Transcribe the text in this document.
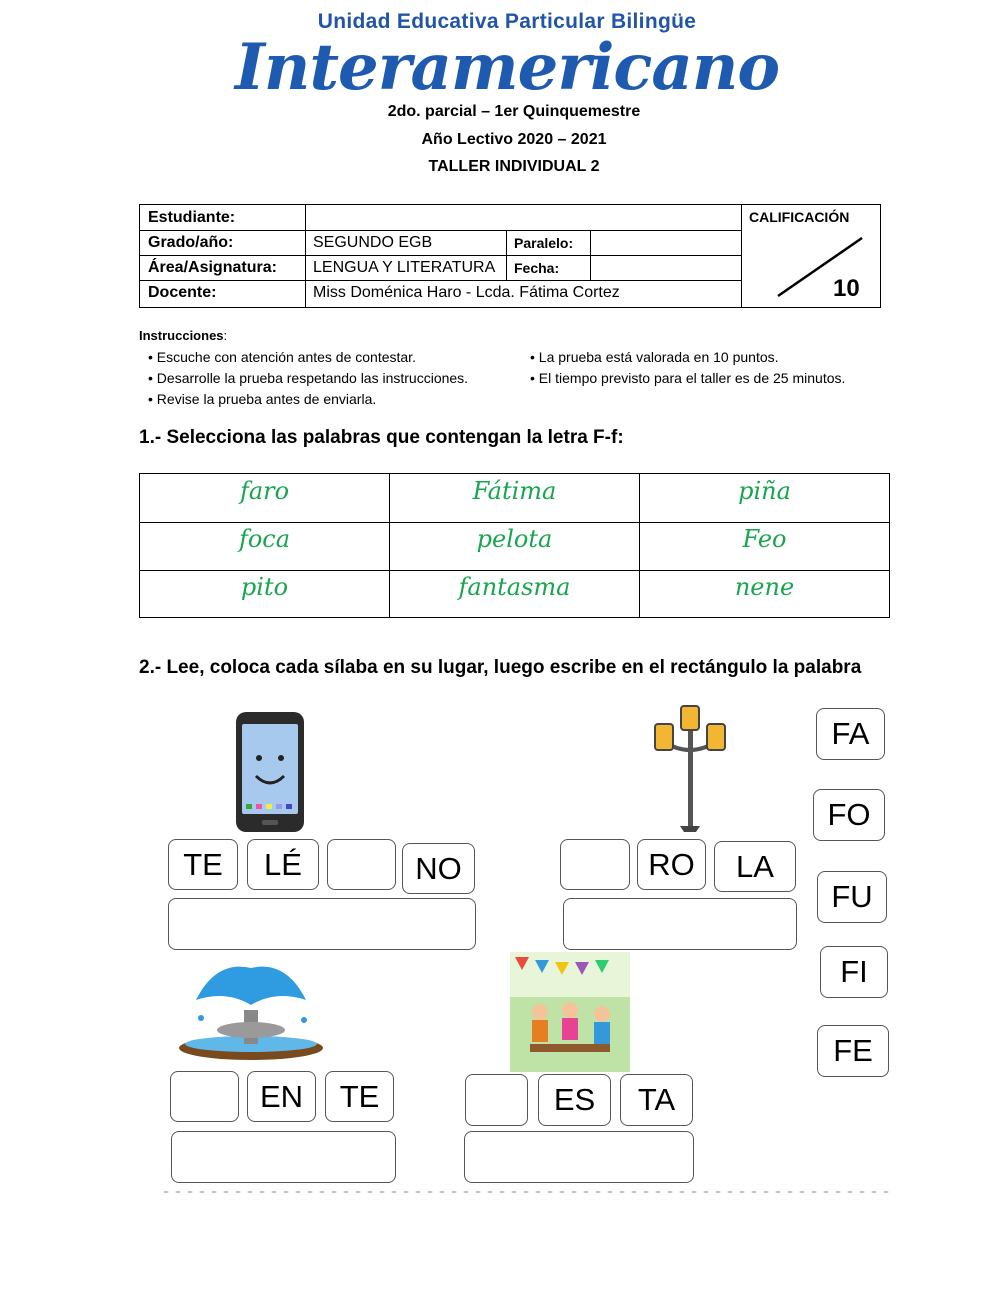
Unidad Educativa Particular Bilingüe
Interamericano
2do. parcial – 1er Quinquemestre
Año Lectivo 2020 – 2021
TALLER INDIVIDUAL 2
Estudiante:
Grado/año:	SEGUNDO EGB	Paralelo:
Área/Asignatura: LENGUA Y LITERATURA Fecha:
Docente:	Miss Doménica Haro - Lcda. Fátima Cortez
CALIFICACIÓN
10
Instrucciones:
• Escuche con atención antes de contestar.
• Desarrolle la prueba respetando las instrucciones.
• Revise la prueba antes de enviarla.
• La prueba está valorada en 10 puntos.
• El tiempo previsto para el taller es de 25 minutos.
1.- Selecciona las palabras que contengan la letra F-f:
faro	Fátima	piña
foca	pelota	Feo
pito	fantasma	nene
2.- Lee, coloca cada sílaba en su lugar, luego escribe en el rectángulo la palabra
TE	LÉ	NO	RO	LA
EN	TE	ES	TA
FA
FO
FU
FI
FE
